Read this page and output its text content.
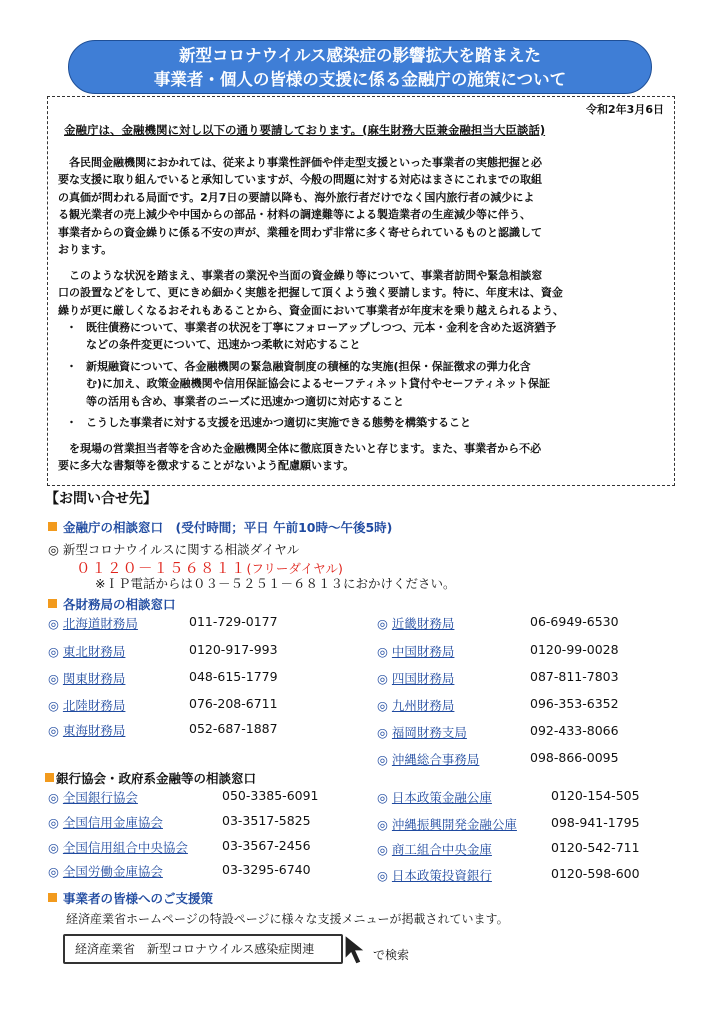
新型コロナウイルス感染症の影響拡大を踏まえた
事業者・個人の皆様の支援に係る金融庁の施策について
令和2年3月6日
金融庁は、金融機関に対し以下の通り要請しております。(麻生財務大臣兼金融担当大臣談話)
　各民間金融機関におかれては、従来より事業性評価や伴走型支援といった事業者の実態把握と必
要な支援に取り組んでいると承知していますが、今般の問題に対する対応はまさにこれまでの取組
の真価が問われる局面です。2月7日の要請以降も、海外旅行者だけでなく国内旅行者の減少によ
る観光業者の売上減少や中国からの部品・材料の調達難等による製造業者の生産減少等に伴う、
事業者からの資金繰りに係る不安の声が、業種を問わず非常に多く寄せられているものと認識して
おります。
　このような状況を踏まえ、事業者の業況や当面の資金繰り等について、事業者訪問や緊急相談窓
口の設置などをして、更にきめ細かく実態を把握して頂くよう強く要請します。特に、年度末は、資金
繰りが更に厳しくなるおそれもあることから、資金面において事業者が年度末を乗り越えられるよう、
・ 既往債務について、事業者の状況を丁寧にフォローアップしつつ、元本・金利を含めた返済猶予
などの条件変更について、迅速かつ柔軟に対応すること
・ 新規融資について、各金融機関の緊急融資制度の積極的な実施(担保・保証徴求の弾力化含
む)に加え、政策金融機関や信用保証協会によるセーフティネット貸付やセーフティネット保証
等の活用も含め、事業者のニーズに迅速かつ適切に対応すること
・ こうした事業者に対する支援を迅速かつ適切に実施できる態勢を構築すること
　を現場の営業担当者等を含めた金融機関全体に徹底頂きたいと存じます。また、事業者から不必
要に多大な書類等を徴求することがないよう配慮願います。
【お問い合せ先】
金融庁の相談窓口　(受付時間；平日 午前10時～午後5時)
◎ 新型コロナウイルスに関する相談ダイヤル
０１２０－１５６８１１(フリーダイヤル)
※ＩＰ電話からは０３－５２５１－６８１３におかけください。
各財務局の相談窓口
◎ 北海道財務局	011-729-0177
◎ 東北財務局	0120-917-993
◎ 関東財務局	048-615-1779
◎ 北陸財務局	076-208-6711
◎ 東海財務局	052-687-1887
◎ 近畿財務局	06-6949-6530
◎ 中国財務局	0120-99-0028
◎ 四国財務局	087-811-7803
◎ 九州財務局	096-353-6352
◎ 福岡財務支局	092-433-8066
◎ 沖縄総合事務局	098-866-0095
銀行協会・政府系金融等の相談窓口
◎ 全国銀行協会	050-3385-6091
◎ 全国信用金庫協会	03-3517-5825
◎ 全国信用組合中央協会	03-3567-2456
◎ 全国労働金庫協会	03-3295-6740
◎ 日本政策金融公庫	0120-154-505
◎ 沖縄振興開発金融公庫	098-941-1795
◎ 商工組合中央金庫	0120-542-711
◎ 日本政策投資銀行	0120-598-600
事業者の皆様へのご支援策
経済産業省ホームページの特設ページに様々な支援メニューが掲載されています。
経済産業省　新型コロナウイルス感染症関連	で検索
